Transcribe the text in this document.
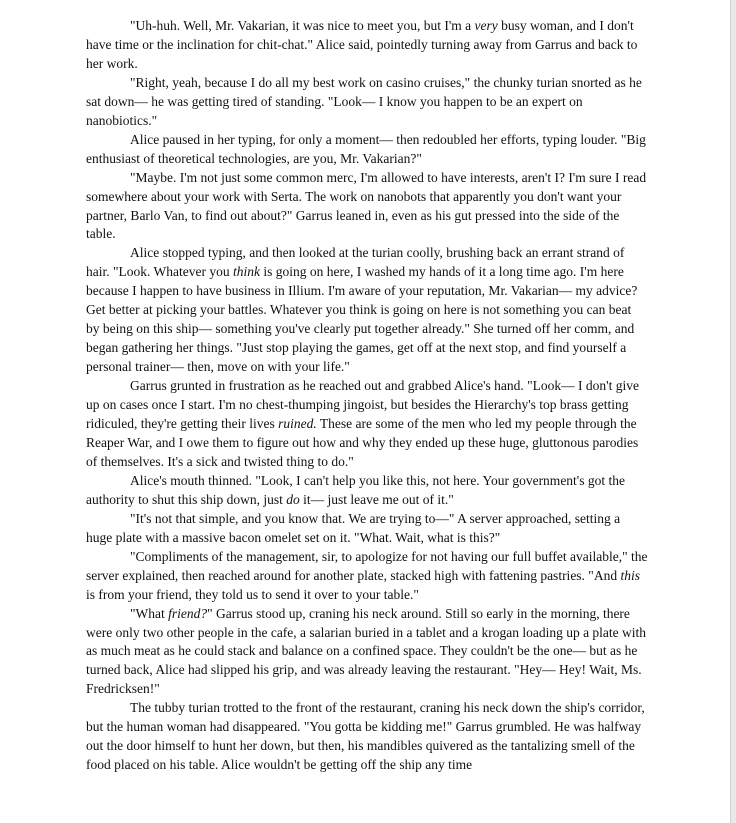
"Uh-huh. Well, Mr. Vakarian, it was nice to meet you, but I'm a very busy woman, and I don't have time or the inclination for chit-chat." Alice said, pointedly turning away from Garrus and back to her work.

"Right, yeah, because I do all my best work on casino cruises," the chunky turian snorted as he sat down— he was getting tired of standing. "Look— I know you happen to be an expert on nanobiotics."

Alice paused in her typing, for only a moment— then redoubled her efforts, typing louder. "Big enthusiast of theoretical technologies, are you, Mr. Vakarian?"

"Maybe. I'm not just some common merc, I'm allowed to have interests, aren't I? I'm sure I read somewhere about your work with Serta. The work on nanobots that apparently you don't want your partner, Barlo Van, to find out about?" Garrus leaned in, even as his gut pressed into the side of the table.

Alice stopped typing, and then looked at the turian coolly, brushing back an errant strand of hair. "Look. Whatever you think is going on here, I washed my hands of it a long time ago. I'm here because I happen to have business in Illium. I'm aware of your reputation, Mr. Vakarian— my advice? Get better at picking your battles. Whatever you think is going on here is not something you can beat by being on this ship— something you've clearly put together already." She turned off her comm, and began gathering her things. "Just stop playing the games, get off at the next stop, and find yourself a personal trainer— then, move on with your life."

Garrus grunted in frustration as he reached out and grabbed Alice's hand. "Look— I don't give up on cases once I start. I'm no chest-thumping jingoist, but besides the Hierarchy's top brass getting ridiculed, they're getting their lives ruined. These are some of the men who led my people through the Reaper War, and I owe them to figure out how and why they ended up these huge, gluttonous parodies of themselves. It's a sick and twisted thing to do."

Alice's mouth thinned. "Look, I can't help you like this, not here. Your government's got the authority to shut this ship down, just do it— just leave me out of it."

"It's not that simple, and you know that. We are trying to—" A server approached, setting a huge plate with a massive bacon omelet set on it. "What. Wait, what is this?"

"Compliments of the management, sir, to apologize for not having our full buffet available," the server explained, then reached around for another plate, stacked high with fattening pastries. "And this is from your friend, they told us to send it over to your table."

"What friend?" Garrus stood up, craning his neck around. Still so early in the morning, there were only two other people in the cafe, a salarian buried in a tablet and a krogan loading up a plate with as much meat as he could stack and balance on a confined space. They couldn't be the one— but as he turned back, Alice had slipped his grip, and was already leaving the restaurant. "Hey— Hey! Wait, Ms. Fredricksen!"

The tubby turian trotted to the front of the restaurant, craning his neck down the ship's corridor, but the human woman had disappeared. "You gotta be kidding me!" Garrus grumbled. He was halfway out the door himself to hunt her down, but then, his mandibles quivered as the tantalizing smell of the food placed on his table. Alice wouldn't be getting off the ship any time
